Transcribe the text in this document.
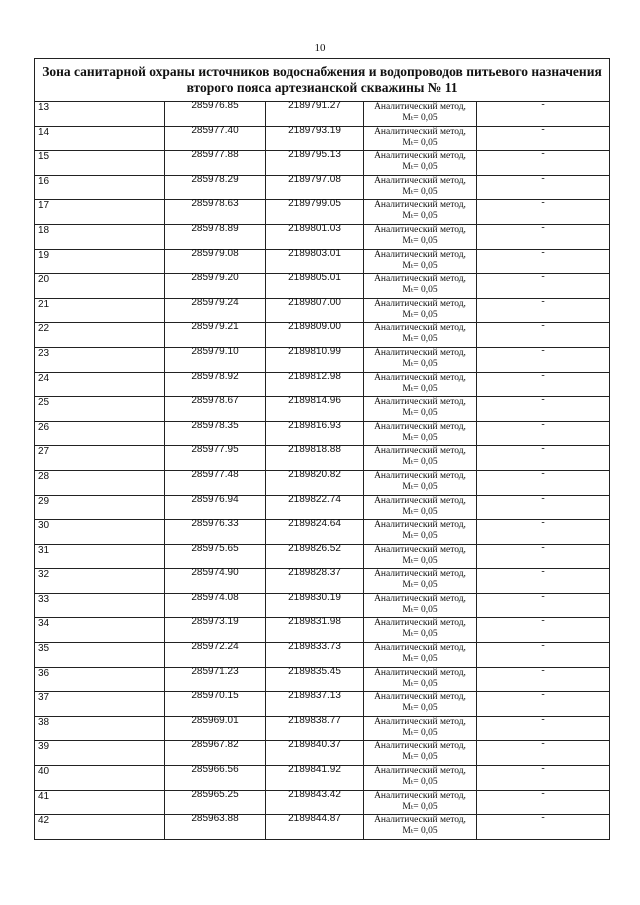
10
Зона санитарной охраны источников водоснабжения и водопроводов питьевого назначения
второго пояса артезианской скважины № 11				

13	285976.85	2189791.27	Аналитический метод,
Mₜ= 0,05	-
14	285977.40	2189793.19	Аналитический метод,
Mₜ= 0,05	-
15	285977.88	2189795.13	Аналитический метод,
Mₜ= 0,05	-
16	285978.29	2189797.08	Аналитический метод,
Mₜ= 0,05	-
17	285978.63	2189799.05	Аналитический метод,
Mₜ= 0,05	-
18	285978.89	2189801.03	Аналитический метод,
Mₜ= 0,05	-
19	285979.08	2189803.01	Аналитический метод,
Mₜ= 0,05	-
20	285979.20	2189805.01	Аналитический метод,
Mₜ= 0,05	-
21	285979.24	2189807.00	Аналитический метод,
Mₜ= 0,05	-
22	285979.21	2189809.00	Аналитический метод,
Mₜ= 0,05	-
23	285979.10	2189810.99	Аналитический метод,
Mₜ= 0,05	-
24	285978.92	2189812.98	Аналитический метод,
Mₜ= 0,05	-
25	285978.67	2189814.96	Аналитический метод,
Mₜ= 0,05	-
26	285978.35	2189816.93	Аналитический метод,
Mₜ= 0,05	-
27	285977.95	2189818.88	Аналитический метод,
Mₜ= 0,05	-
28	285977.48	2189820.82	Аналитический метод,
Mₜ= 0,05	-
29	285976.94	2189822.74	Аналитический метод,
Mₜ= 0,05	-
30	285976.33	2189824.64	Аналитический метод,
Mₜ= 0,05	-
31	285975.65	2189826.52	Аналитический метод,
Mₜ= 0,05	-
32	285974.90	2189828.37	Аналитический метод,
Mₜ= 0,05	-
33	285974.08	2189830.19	Аналитический метод,
Mₜ= 0,05	-
34	285973.19	2189831.98	Аналитический метод,
Mₜ= 0,05	-
35	285972.24	2189833.73	Аналитический метод,
Mₜ= 0,05	-
36	285971.23	2189835.45	Аналитический метод,
Mₜ= 0,05	-
37	285970.15	2189837.13	Аналитический метод,
Mₜ= 0,05	-
38	285969.01	2189838.77	Аналитический метод,
Mₜ= 0,05	-
39	285967.82	2189840.37	Аналитический метод,
Mₜ= 0,05	-
40	285966.56	2189841.92	Аналитический метод,
Mₜ= 0,05	-
41	285965.25	2189843.42	Аналитический метод,
Mₜ= 0,05	-
42	285963.88	2189844.87	Аналитический метод,
Mₜ= 0,05	-
